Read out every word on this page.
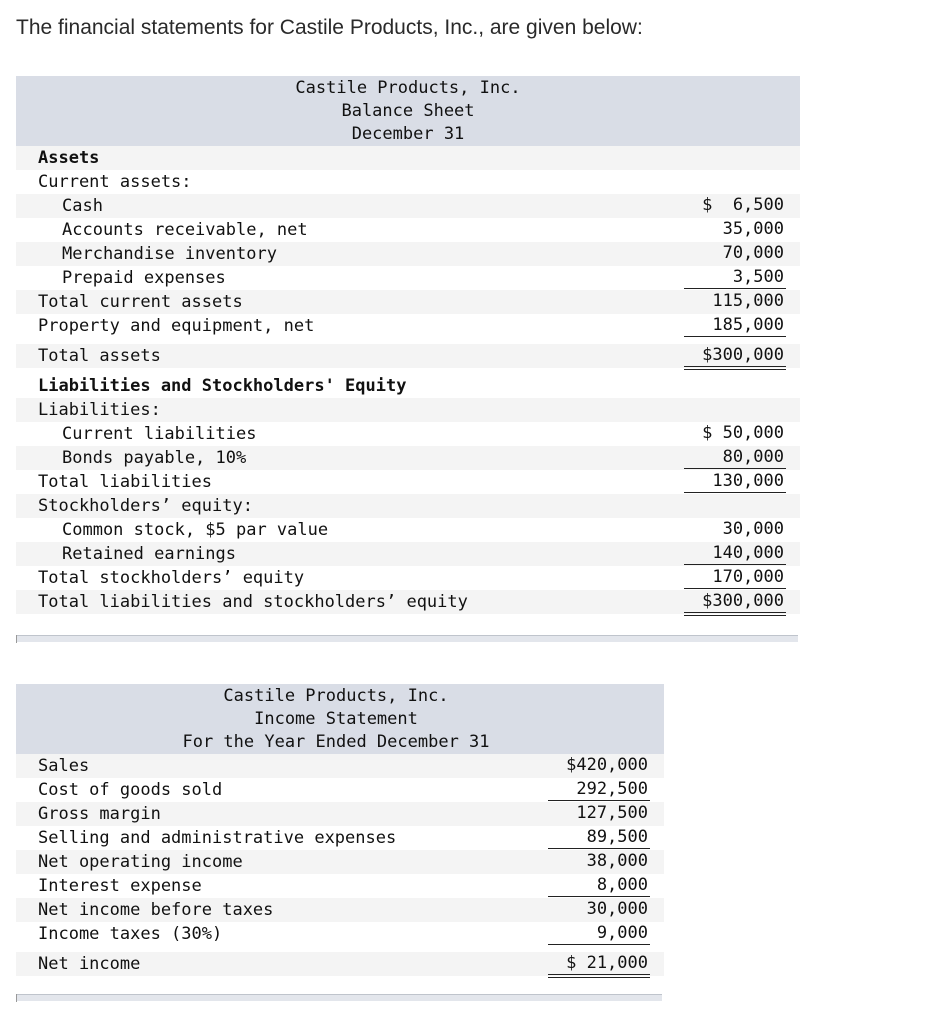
The financial statements for Castile Products, Inc., are given below:

Castile Products, Inc.

Balance Sheet

December 31

Assets
Current assets:
Cash	$  6,500
Accounts receivable, net	35,000
Merchandise inventory	70,000
Prepaid expenses	3,500
Total current assets	115,000
Property and equipment, net	185,000
Total assets	$300,000
Liabilities and Stockholders' Equity
Liabilities:
Current liabilities	$ 50,000
Bonds payable, 10%	80,000
Total liabilities	130,000
Stockholders’ equity:
Common stock, $5 par value	30,000
Retained earnings	140,000
Total stockholders’ equity	170,000
Total liabilities and stockholders’ equity	$300,000

Castile Products, Inc.

Income Statement

For the Year Ended December 31

Sales	$420,000
Cost of goods sold	292,500
Gross margin	127,500
Selling and administrative expenses	89,500
Net operating income	38,000
Interest expense	8,000
Net income before taxes	30,000
Income taxes (30%)	9,000
Net income	$ 21,000
